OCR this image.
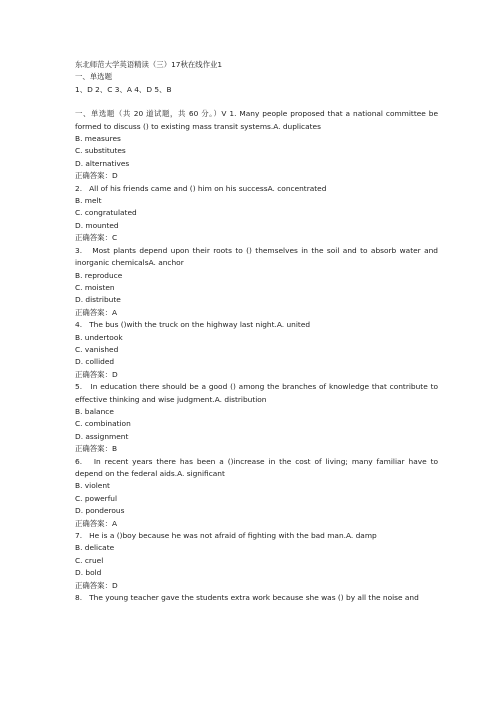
东北师范大学英语精读（三）17秋在线作业1
一、单选题
1、D 2、C 3、A 4、D 5、B
一、单选题（共 20 道试题，共 60 分。）V 1. Many people proposed that a national committee be formed to discuss () to existing mass transit systems.A. duplicates
B. measures
C. substitutes
D. alternatives
正确答案：D
2. All of his friends came and () him on his successA. concentrated
B. melt
C. congratulated
D. mounted
正确答案：C
3. Most plants depend upon their roots to () themselves in the soil and to absorb water and inorganic chemicalsA. anchor
B. reproduce
C. moisten
D. distribute
正确答案：A
4. The bus ()with the truck on the highway last night.A. united
B. undertook
C. vanished
D. collided
正确答案：D
5. In education there should be a good () among the branches of knowledge that contribute to effective thinking and wise judgment.A. distribution
B. balance
C. combination
D. assignment
正确答案：B
6. In recent years there has been a ()increase in the cost of living; many familiar have to depend on the federal aids.A. significant
B. violent
C. powerful
D. ponderous
正确答案：A
7. He is a ()boy because he was not afraid of fighting with the bad man.A. damp
B. delicate
C. cruel
D. bold
正确答案：D
8. The young teacher gave the students extra work because she was () by all the noise and
